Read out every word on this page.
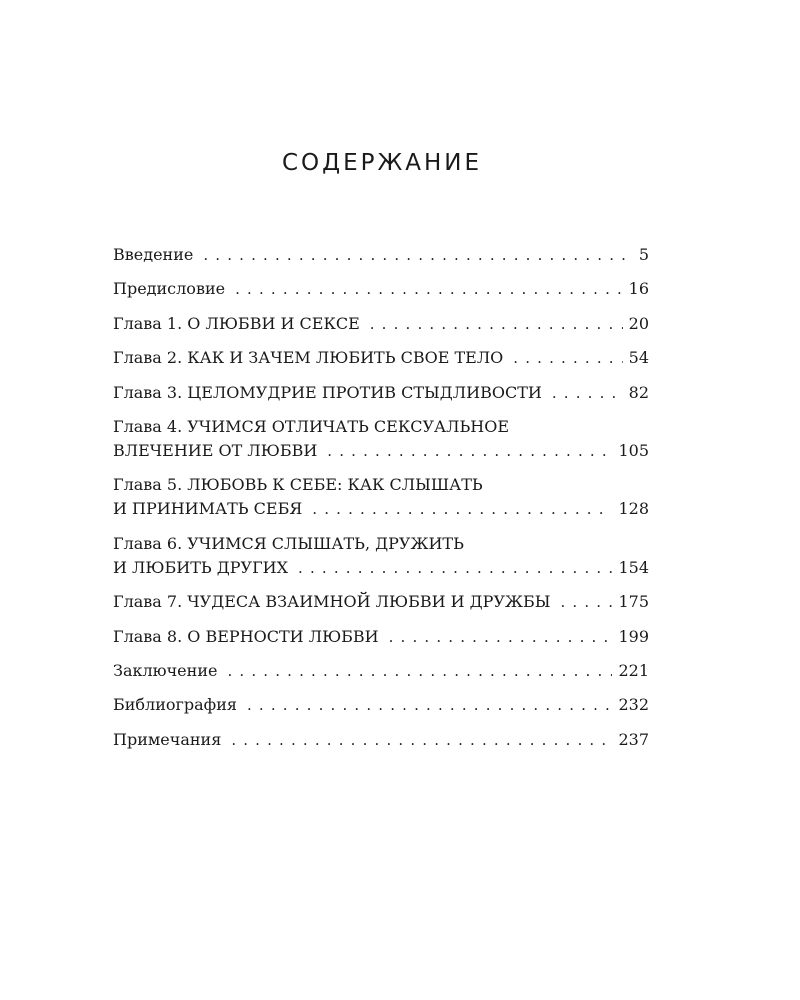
СОДЕРЖАНИЕ
Введение . . .	5
Предисловие . . .	16
Глава 1. О ЛЮБВИ И СЕКСЕ . . .	20
Глава 2. КАК И ЗАЧЕМ ЛЮБИТЬ СВОЕ ТЕЛО . . .	54
Глава 3. ЦЕЛОМУДРИЕ ПРОТИВ СТЫДЛИВОСТИ . . .	82
Глава 4. УЧИМСЯ ОТЛИЧАТЬ СЕКСУАЛЬНОЕ
ВЛЕЧЕНИЕ ОТ ЛЮБВИ . . .	105
Глава 5. ЛЮБОВЬ К СЕБЕ: КАК СЛЫШАТЬ
И ПРИНИМАТЬ СЕБЯ . . .	128
Глава 6. УЧИМСЯ СЛЫШАТЬ, ДРУЖИТЬ
И ЛЮБИТЬ ДРУГИХ . . .	154
Глава 7. ЧУДЕСА ВЗАИМНОЙ ЛЮБВИ И ДРУЖБЫ . . .	175
Глава 8. О ВЕРНОСТИ ЛЮБВИ . . .	199
Заключение . . .	221
Библиография . . .	232
Примечания . . .	237
